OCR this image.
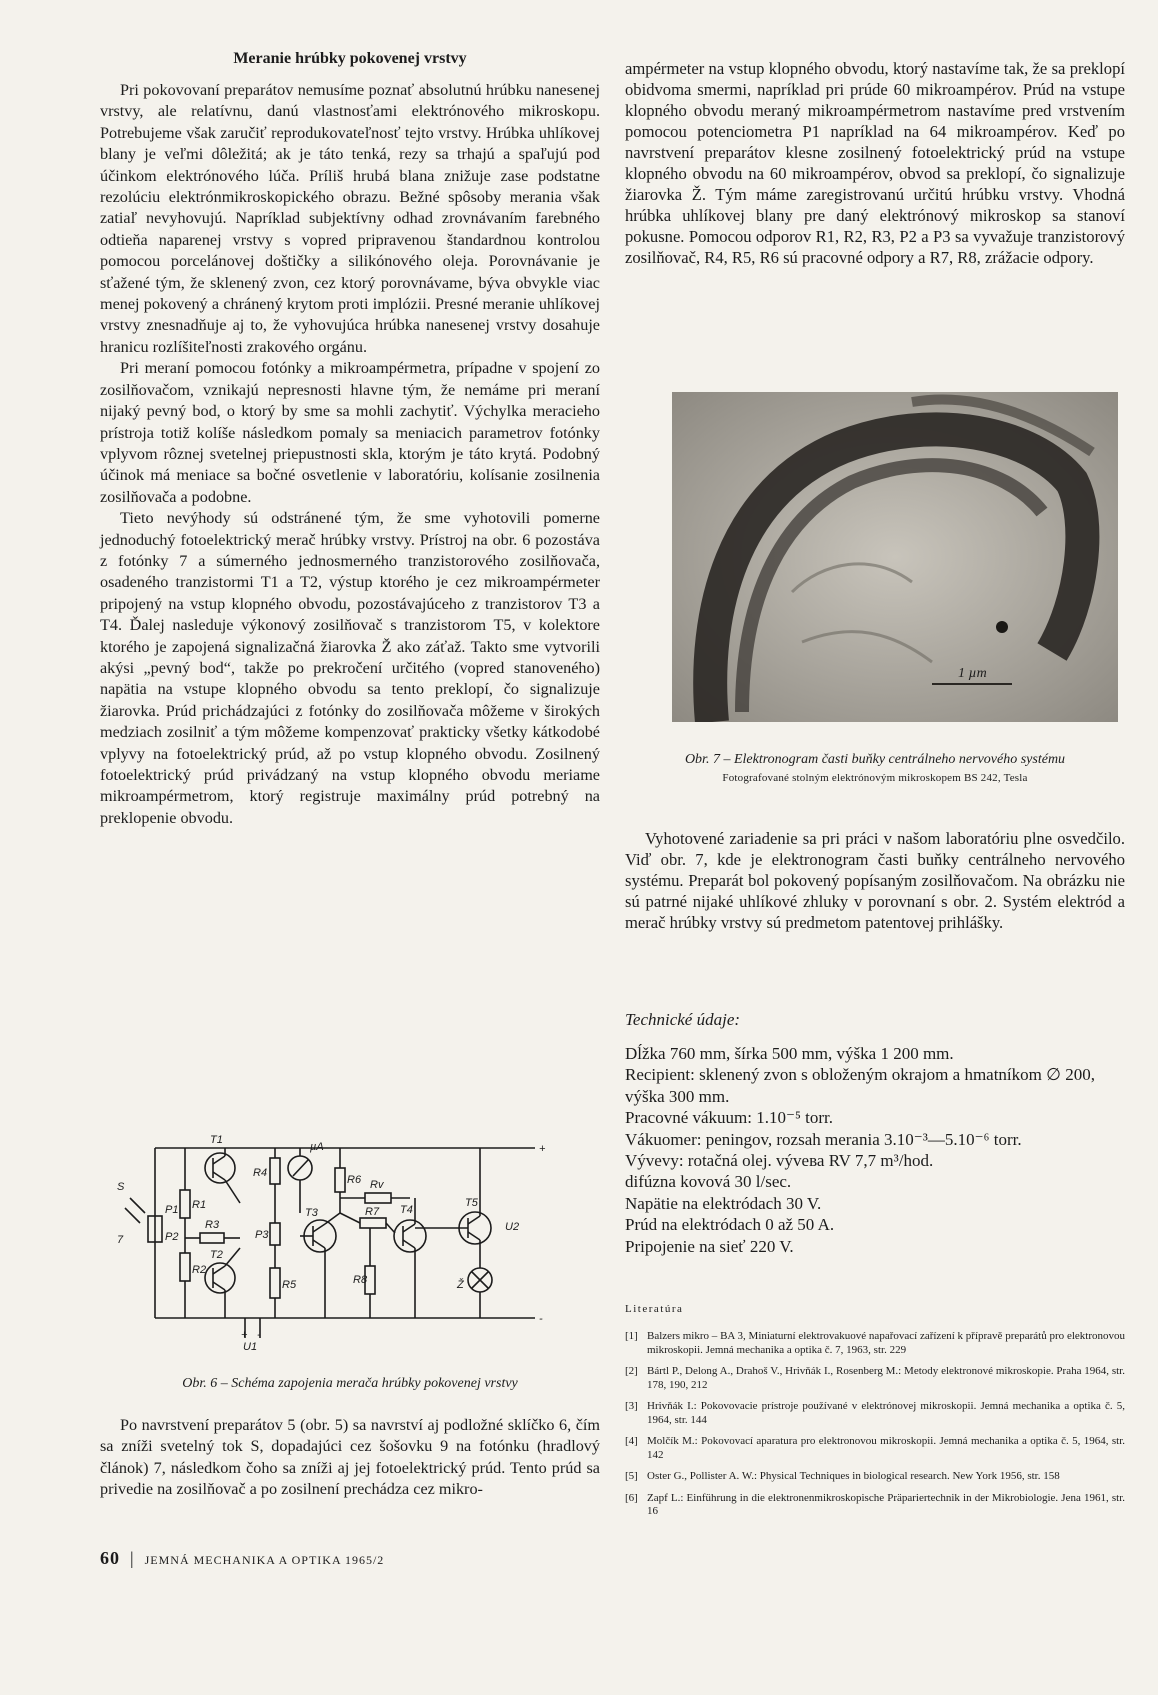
Meranie hrúbky pokovenej vrstvy

Pri pokovovaní preparátov nemusíme poznať absolutnú hrúbku nanesenej vrstvy, ale relatívnu, danú vlastnosťami elektrónového mikroskopu. Potrebujeme však zaručiť reprodukovateľnosť tejto vrstvy. Hrúbka uhlíkovej blany je veľmi dôležitá; ak je táto tenká, rezy sa trhajú a spaľujú pod účinkom elektrónového lúča. Príliš hrubá blana znižuje zase podstatne rezolúciu elektrónmikroskopického obrazu. Bežné spôsoby merania však zatiaľ nevyhovujú. Napríklad subjektívny odhad zrovnávaním farebného odtieňa naparenej vrstvy s vopred pripravenou štandardnou kontrolou pomocou porcelánovej doštičky a silikónového oleja. Porovnávanie je sťažené tým, že sklenený zvon, cez ktorý porovnávame, býva obvykle viac menej pokovený a chránený krytom proti implózii. Presné meranie uhlíkovej vrstvy znesnadňuje aj to, že vyhovujúca hrúbka nanesenej vrstvy dosahuje hranicu rozlíšiteľnosti zrakového orgánu.

Pri meraní pomocou fotónky a mikroampérmetra, prípadne v spojení zo zosilňovačom, vznikajú nepresnosti hlavne tým, že nemáme pri meraní nijaký pevný bod, o ktorý by sme sa mohli zachytiť. Výchylka meracieho prístroja totiž kolíše následkom pomaly sa meniacich parametrov fotónky vplyvom rôznej svetelnej priepustnosti skla, ktorým je táto krytá. Podobný účinok má meniace sa bočné osvetlenie v laboratóriu, kolísanie zosilnenia zosilňovača a podobne.

Tieto nevýhody sú odstránené tým, že sme vyhotovili pomerne jednoduchý fotoelektrický merač hrúbky vrstvy. Prístroj na obr. 6 pozostáva z fotónky 7 a súmerného jednosmerného tranzistorového zosilňovača, osadeného tranzistormi T1 a T2, výstup ktorého je cez mikroampérmeter pripojený na vstup klopného obvodu, pozostávajúceho z tranzistorov T3 a T4. Ďalej nasleduje výkonový zosilňovač s tranzistorom T5, v kolektore ktorého je zapojená signalizačná žiarovka Ž ako záťaž. Takto sme vytvorili akýsi „pevný bod“, takže po prekročení určitého (vopred stanoveného) napätia na vstupe klopného obvodu sa tento preklopí, čo signalizuje žiarovka. Prúd prichádzajúci z fotónky do zosilňovača môžeme v širokých medziach zosilniť a tým môžeme kompenzovať prakticky všetky kátkodobé vplyvy na fotoelektrický prúd, až po vstup klopného obvodu. Zosilnený fotoelektrický prúd privádzaný na vstup klopného obvodu meriame mikroampérmetrom, ktorý registruje maximálny prúd potrebný na preklopenie obvodu.

T1
T2
T3	T4
T5
R1
R2
R3
R4
R5
R6
R7
R8
Rv
P1
P2	P3
µA
S
7
U1
U2
Ž
+
-
+ -
Obr. 6 – Schéma zapojenia merača hrúbky pokovenej vrstvy

Po navrstvení preparátov 5 (obr. 5) sa navrství aj podložné sklíčko 6, čím sa zníži svetelný tok S, dopadajúci cez šošovku 9 na fotónku (hradlový článok) 7, následkom čoho sa zníži aj jej fotoelektrický prúd. Tento prúd sa privedie na zosilňovač a po zosilnení prechádza cez mikro-

ampérmeter na vstup klopného obvodu, ktorý nastavíme tak, že sa preklopí obidvoma smermi, napríklad pri prúde 60 mikroampérov. Prúd na vstupe klopného obvodu meraný mikroampérmetrom nastavíme pred vrstvením pomocou potenciometra P1 napríklad na 64 mikroampérov. Keď po navrstvení preparátov klesne zosilnený fotoelektrický prúd na vstupe klopného obvodu na 60 mikroampérov, obvod sa preklopí, čo signalizuje žiarovka Ž. Tým máme zaregistrovanú určitú hrúbku vrstvy. Vhodná hrúbka uhlíkovej blany pre daný elektrónový mikroskop sa stanoví pokusne. Pomocou odporov R1, R2, R3, P2 a P3 sa vyvažuje tranzistorový zosilňovač, R4, R5, R6 sú pracovné odpory a R7, R8, zrážacie odpory.

1 µm
Obr. 7 – Elektronogram časti buňky centrálneho nervového systému
Fotografované stolným elektrónovým mikroskopem BS 242, Tesla

Vyhotovené zariadenie sa pri práci v našom laboratóriu plne osvedčilo. Viď obr. 7, kde je elektronogram časti buňky centrálneho nervového systému. Preparát bol pokovený popísaným zosilňovačom. Na obrázku nie sú patrné nijaké uhlíkové zhluky v porovnaní s obr. 2. Systém elektród a merač hrúbky vrstvy sú predmetom patentovej prihlášky.

Technické údaje:
Dĺžka 760 mm, šírka 500 mm, výška 1 200 mm.
Recipient: sklenený zvon s obloženým okrajom a hmatníkom ∅ 200, výška 300 mm.
Pracovné vákuum: 1.10⁻⁵ torr.
Vákuomer: peningov, rozsah merania 3.10⁻³—5.10⁻⁶ torr.
Vývevy: rotačná olej. vývева RV 7,7 m³/hod.
difúzna kovová 30 l/sec.
Napätie na elektródach 30 V.
Prúd na elektródach 0 až 50 A.
Pripojenie na sieť 220 V.
Literatúra
[1] Balzers mikro – BA 3, Miniaturní elektrovakuové napařovací zařízení k přípravě preparátů pro elektronovou mikroskopii. Jemná mechanika a optika č. 7, 1963, str. 229
[2] Bártl P., Delong A., Drahoš V., Hrivňák I., Rosenberg M.: Metody elektronové mikroskopie. Praha 1964, str. 178, 190, 212
[3] Hrivňák I.: Pokovovacie prístroje používané v elektrónovej mikroskopii. Jemná mechanika a optika č. 5, 1964, str. 144
[4] Molčík M.: Pokovovací aparatura pro elektronovou mikroskopii. Jemná mechanika a optika č. 5, 1964, str. 142
[5] Oster G., Pollister A. W.: Physical Techniques in biological research. New York 1956, str. 158
[6] Zapf L.: Einführung in die elektronenmikroskopische Präpariertechnik in der Mikrobiologie. Jena 1961, str. 16
60 | JEMNÁ MECHANIKA A OPTIKA 1965/2
